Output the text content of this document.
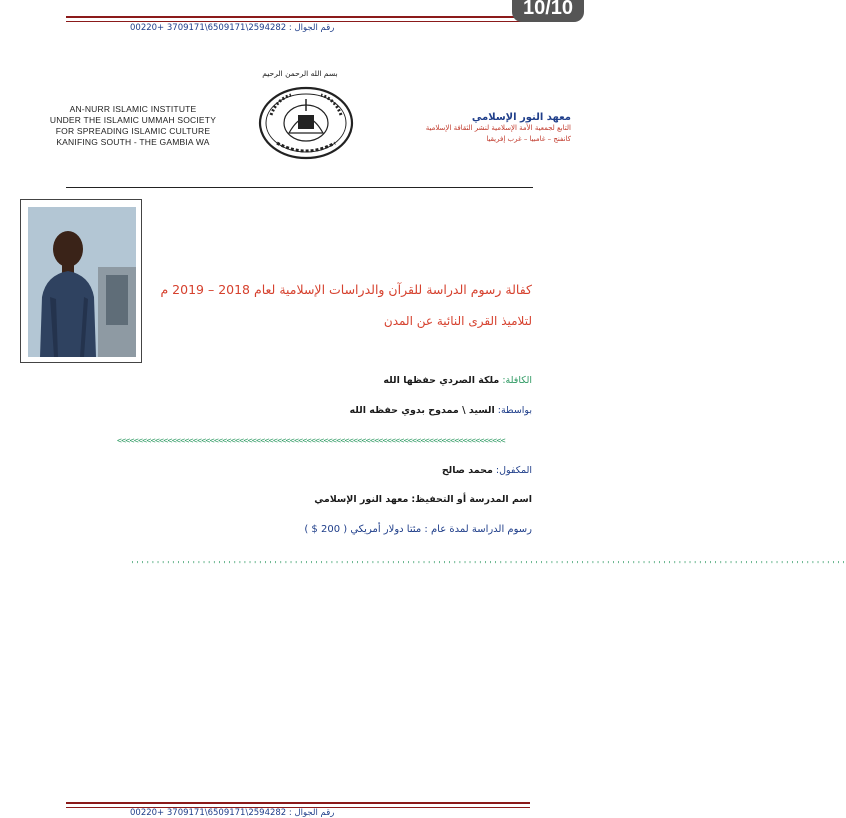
10/10
رقم الجوال : 2594282\6509171\3709171 +00220
بسم الله الرحمن الرحيم
AN-NURR ISLAMIC INSTITUTE
UNDER THE ISLAMIC UMMAH SOCIETY
FOR SPREADING ISLAMIC CULTURE
KANIFING SOUTH - THE GAMBIA WA
معهد النور الإسلامي
التابع لجمعية الأمة الإسلامية لنشر الثقافة الإسلامية
كانفنج – غامبيا – غرب إفريقيا
كفالة رسوم الدراسة للقرآن والدراسات الإسلامية لعام 2018 – 2019 م
لتلاميذ القرى النائية عن المدن
الكافلة: ملكة الصردي حفظها الله
بواسطة: السيد \ ممدوح بدوي حفظه الله
<<<<<<<<<<<<<<<<<<<<<<<<<<<<<<<<<<<<<<<<<<<<<<<<<<<<<<<<<<<<<<<<<<<<<<<<<<<<<<<<<<<<<<<<<<<<
المكفول: محمد صالح
اسم المدرسة أو التحفيظ: معهد النور الإسلامي
رسوم الدراسة لمدة عام : مئتا دولار أمريكي ( 200 $ )
''''''''''''''''''''''''''''''''''''''''''''''''''''''''''''''''''''''''''''''''''''''''''''''''''''''''''''''''''''''''''''''''''''''''''''
رقم الجوال : 2594282\6509171\3709171 +00220
